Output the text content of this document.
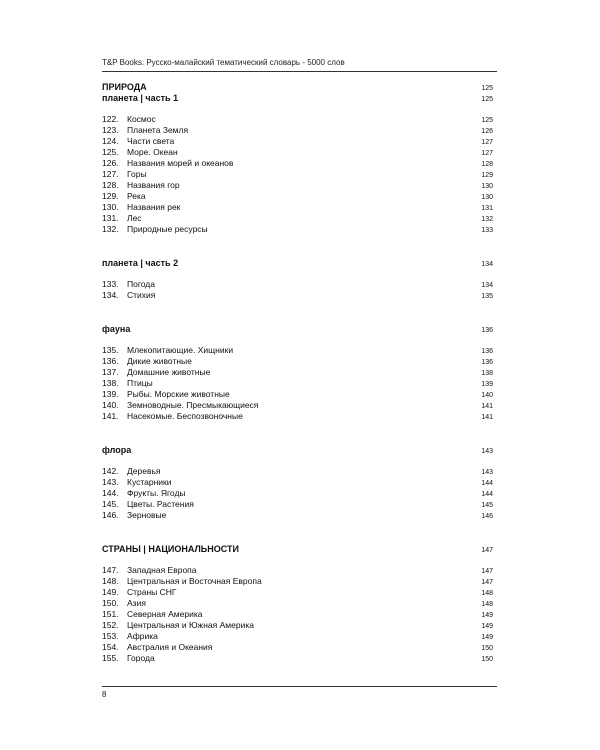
T&P Books. Русско-малайский тематический словарь - 5000 слов
ПРИРОДА	125
планета | часть 1	125
122. Космос	125
123. Планета Земля	126
124. Части света	127
125. Море. Океан	127
126. Названия морей и океанов	128
127. Горы	129
128. Названия гор	130
129. Река	130
130. Названия рек	131
131. Лес	132
132. Природные ресурсы	133
планета | часть 2	134
133. Погода	134
134. Стихия	135
фауна	136
135. Млекопитающие. Хищники	136
136. Дикие животные	136
137. Домашние животные	138
138. Птицы	139
139. Рыбы. Морские животные	140
140. Земноводные. Пресмыкающиеся	141
141. Насекомые. Беспозвоночные	141
флора	143
142. Деревья	143
143. Кустарники	144
144. Фрукты. Ягоды	144
145. Цветы. Растения	145
146. Зерновые	146
СТРАНЫ | НАЦИОНАЛЬНОСТИ	147
147. Западная Европа	147
148. Центральная и Восточная Европа	147
149. Страны СНГ	148
150. Азия	148
151. Северная Америка	149
152. Центральная и Южная Америка	149
153. Африка	149
154. Австралия и Океания	150
155. Города	150
8
